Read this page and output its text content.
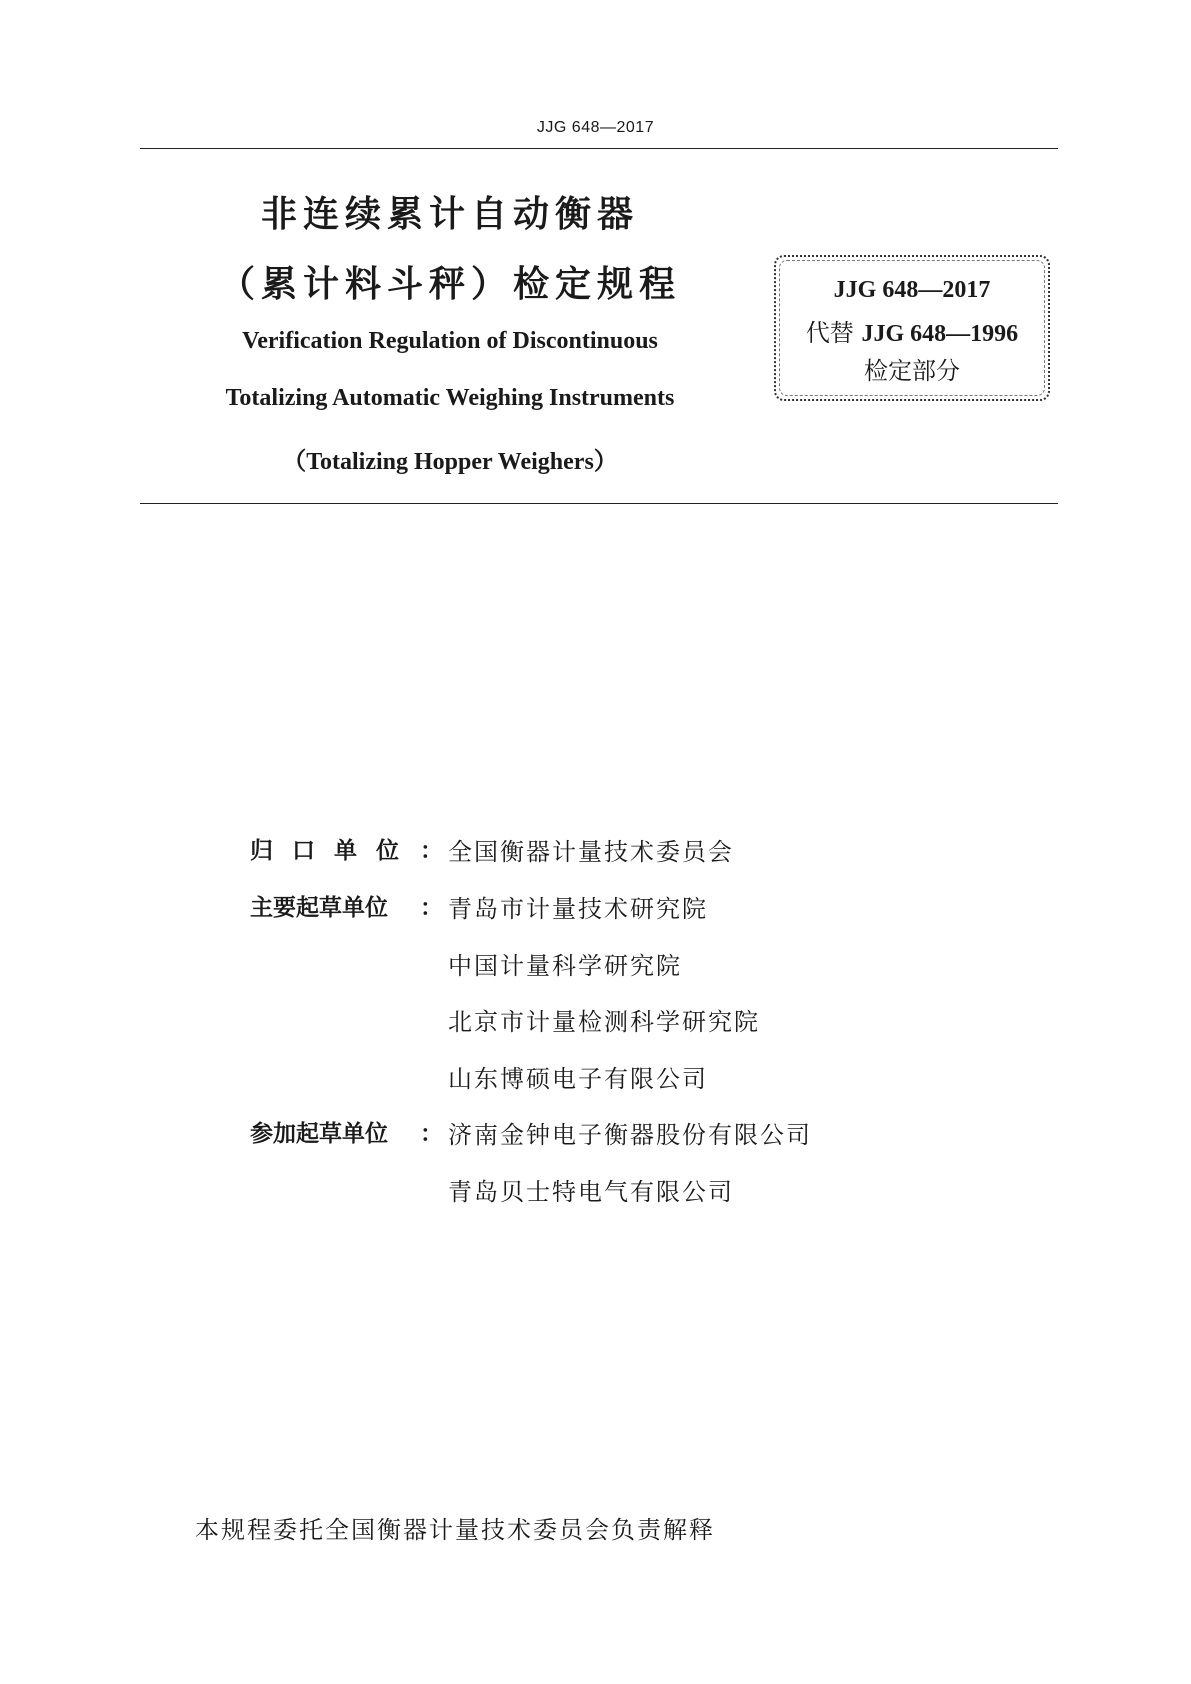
JJG 648—2017
非连续累计自动衡器
（累计料斗秤）检定规程
Verification Regulation of Discontinuous
Totalizing Automatic Weighing Instruments
（Totalizing Hopper Weighers）
JJG 648—2017
代替 JJG 648—1996
检定部分
归口单位 ： 全国衡器计量技术委员会
主要起草单位 ： 青岛市计量技术研究院
中国计量科学研究院
北京市计量检测科学研究院
山东博硕电子有限公司
参加起草单位 ： 济南金钟电子衡器股份有限公司
青岛贝士特电气有限公司
本规程委托全国衡器计量技术委员会负责解释
